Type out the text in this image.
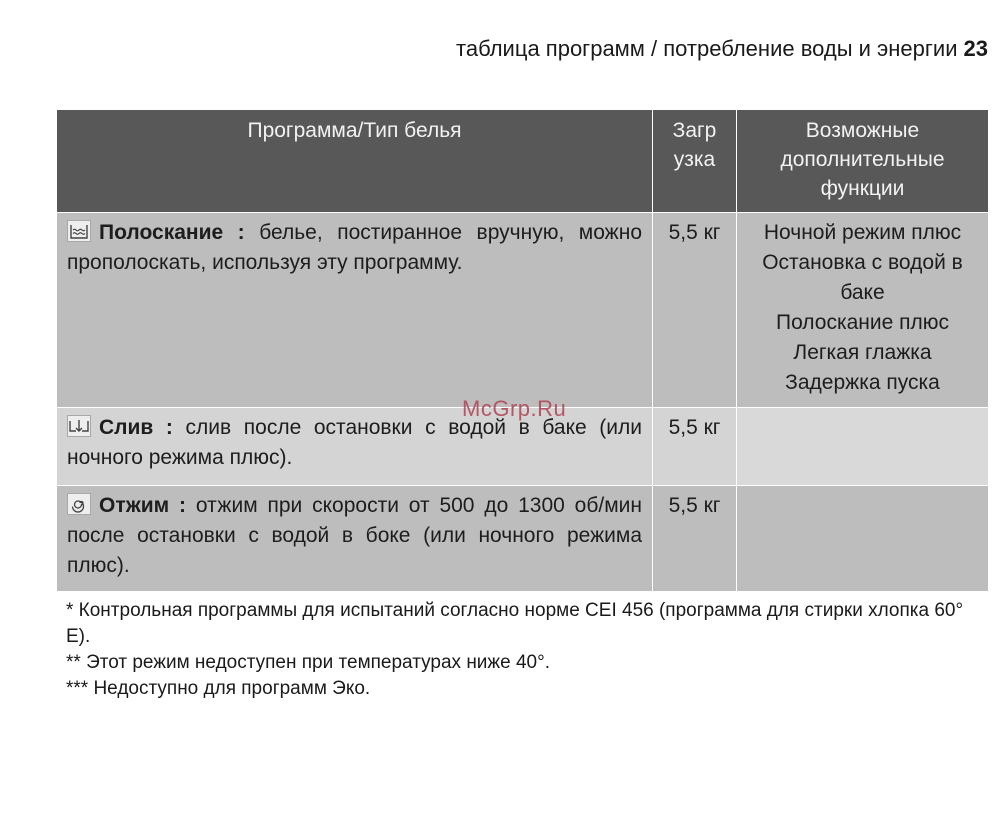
таблица программ / потребление воды и энергии 23
Программа/Тип белья	Загр узка	Возможные дополнительные функции

Полоскание : белье, постиранное вручную, можно прополоскать, используя эту программу.	5,5 кг	Ночной режим плюс
Остановка с водой в баке
Полоскание плюс
Легкая глажка
Задержка пуска

Слив : слив после остановки с водой в баке (или ночного режима плюс).	5,5 кг	

Отжим : отжим при скорости от 500 до 1300 об/мин после остановки с водой в боке (или ночного режима плюс).	5,5 кг	
McGrp.Ru
* Контрольная программы для испытаний согласно норме CEI 456 (программа для стирки хлопка 60° E).
** Этот режим недоступен при температурах ниже 40°.
*** Недоступно для программ Эко.
